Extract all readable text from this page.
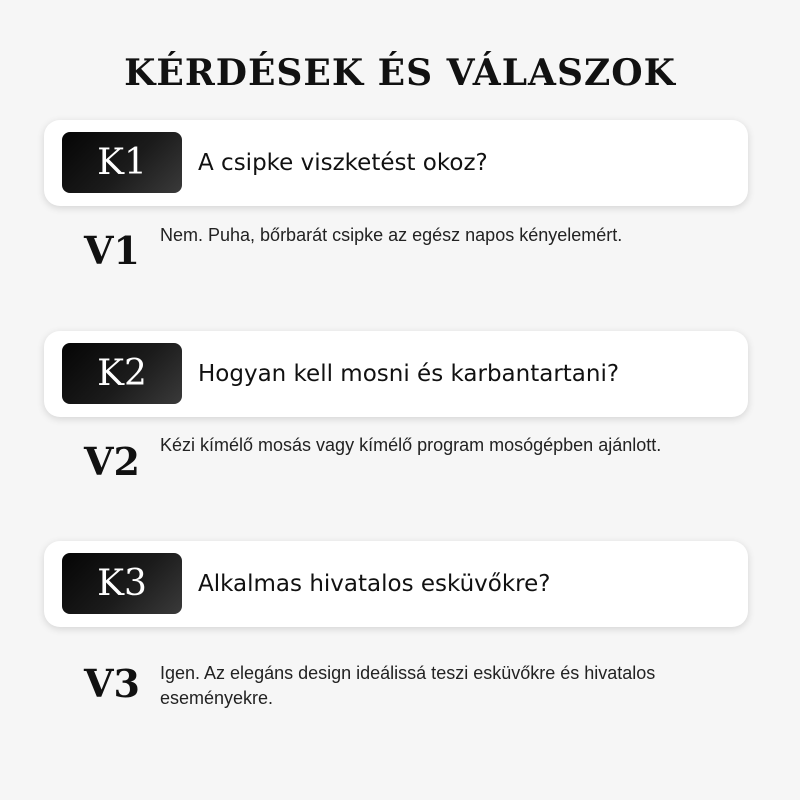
KÉRDÉSEK ÉS VÁLASZOK
K1	A csipke viszketést okoz?
V1	Nem. Puha, bőrbarát csipke az egész napos kényelemért.
K2	Hogyan kell mosni és karbantartani?
V2	Kézi kímélő mosás vagy kímélő program mosógépben ajánlott.
K3	Alkalmas hivatalos esküvőkre?
V3	Igen. Az elegáns design ideálissá teszi esküvőkre és hivatalos eseményekre.
